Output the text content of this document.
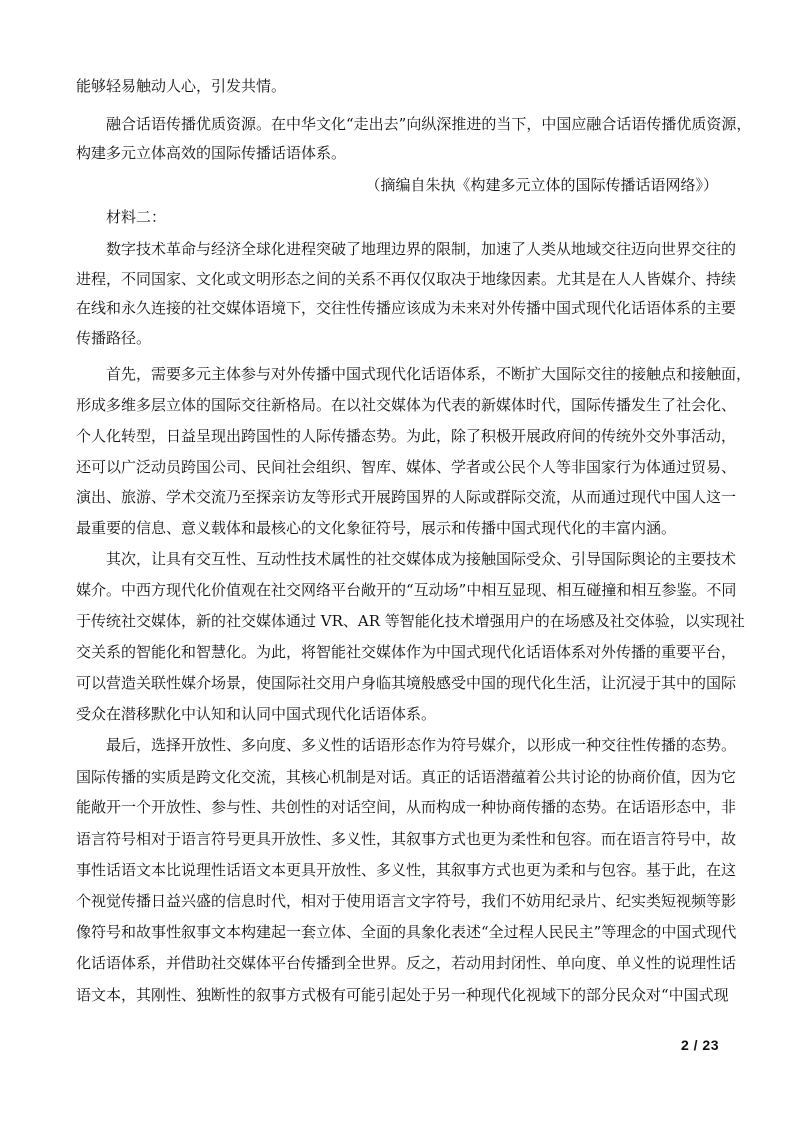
能够轻易触动人心，引发共情。
　　融合话语传播优质资源。在中华文化“走出去”向纵深推进的当下，中国应融合话语传播优质资源，
构建多元立体高效的国际传播话语体系。
（摘编自朱执《构建多元立体的国际传播话语网络》）
　　材料二：
　　数字技术革命与经济全球化进程突破了地理边界的限制，加速了人类从地域交往迈向世界交往的
进程，不同国家、文化或文明形态之间的关系不再仅仅取决于地缘因素。尤其是在人人皆媒介、持续
在线和永久连接的社交媒体语境下，交往性传播应该成为未来对外传播中国式现代化话语体系的主要
传播路径。
　　首先，需要多元主体参与对外传播中国式现代化话语体系，不断扩大国际交往的接触点和接触面，
形成多维多层立体的国际交往新格局。在以社交媒体为代表的新媒体时代，国际传播发生了社会化、
个人化转型，日益呈现出跨国性的人际传播态势。为此，除了积极开展政府间的传统外交外事活动，
还可以广泛动员跨国公司、民间社会组织、智库、媒体、学者或公民个人等非国家行为体通过贸易、
演出、旅游、学术交流乃至探亲访友等形式开展跨国界的人际或群际交流，从而通过现代中国人这一
最重要的信息、意义载体和最核心的文化象征符号，展示和传播中国式现代化的丰富内涵。
　　其次，让具有交互性、互动性技术属性的社交媒体成为接触国际受众、引导国际舆论的主要技术
媒介。中西方现代化价值观在社交网络平台敞开的“互动场”中相互显现、相互碰撞和相互参鉴。不同
于传统社交媒体，新的社交媒体通过 VR、AR 等智能化技术增强用户的在场感及社交体验，以实现社
交关系的智能化和智慧化。为此，将智能社交媒体作为中国式现代化话语体系对外传播的重要平台，
可以营造关联性媒介场景，使国际社交用户身临其境般感受中国的现代化生活，让沉浸于其中的国际
受众在潜移默化中认知和认同中国式现代化话语体系。
　　最后，选择开放性、多向度、多义性的话语形态作为符号媒介，以形成一种交往性传播的态势。
国际传播的实质是跨文化交流，其核心机制是对话。真正的话语潜蕴着公共讨论的协商价值，因为它
能敞开一个开放性、参与性、共创性的对话空间，从而构成一种协商传播的态势。在话语形态中，非
语言符号相对于语言符号更具开放性、多义性，其叙事方式也更为柔性和包容。而在语言符号中，故
事性话语文本比说理性话语文本更具开放性、多义性，其叙事方式也更为柔和与包容。基于此，在这
个视觉传播日益兴盛的信息时代，相对于使用语言文字符号，我们不妨用纪录片、纪实类短视频等影
像符号和故事性叙事文本构建起一套立体、全面的具象化表述“全过程人民民主”等理念的中国式现代
化话语体系，并借助社交媒体平台传播到全世界。反之，若动用封闭性、单向度、单义性的说理性话
语文本，其刚性、独断性的叙事方式极有可能引起处于另一种现代化视域下的部分民众对“中国式现
2 / 23
